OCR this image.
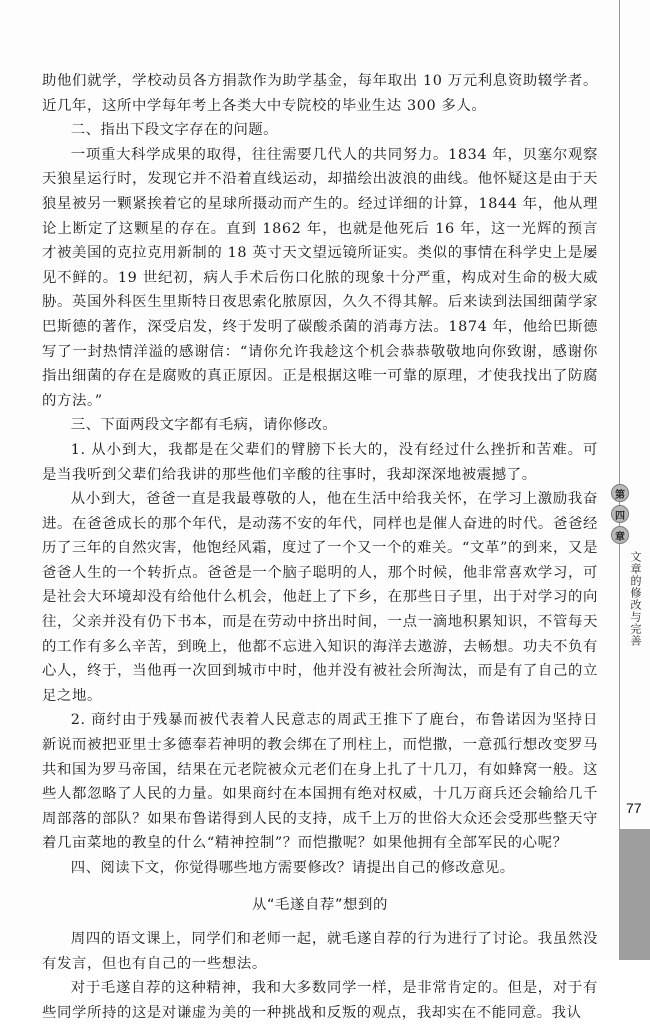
助他们就学，学校动员各方捐款作为助学基金，每年取出 10 万元利息资助辍学者。近几年，这所中学每年考上各类大中专院校的毕业生达 300 多人。

二、指出下段文字存在的问题。

一项重大科学成果的取得，往往需要几代人的共同努力。1834 年，贝塞尔观察天狼星运行时，发现它并不沿着直线运动，却描绘出波浪的曲线。他怀疑这是由于天狼星被另一颗紧挨着它的星球所摄动而产生的。经过详细的计算，1844 年，他从理论上断定了这颗星的存在。直到 1862 年，也就是他死后 16 年，这一光辉的预言才被美国的克拉克用新制的 18 英寸天文望远镜所证实。类似的事情在科学史上是屡见不鲜的。19 世纪初，病人手术后伤口化脓的现象十分严重，构成对生命的极大威胁。英国外科医生里斯特日夜思索化脓原因，久久不得其解。后来读到法国细菌学家巴斯德的著作，深受启发，终于发明了碳酸杀菌的消毒方法。1874 年，他给巴斯德写了一封热情洋溢的感谢信：“请你允许我趁这个机会恭恭敬敬地向你致谢，感谢你指出细菌的存在是腐败的真正原因。正是根据这唯一可靠的原理，才使我找出了防腐的方法。”

三、下面两段文字都有毛病，请你修改。

1. 从小到大，我都是在父辈们的臂膀下长大的，没有经过什么挫折和苦难。可是当我听到父辈们给我讲的那些他们辛酸的往事时，我却深深地被震撼了。

从小到大，爸爸一直是我最尊敬的人，他在生活中给我关怀，在学习上激励我奋进。在爸爸成长的那个年代，是动荡不安的年代，同样也是催人奋进的时代。爸爸经历了三年的自然灾害，他饱经风霜，度过了一个又一个的难关。“文革”的到来，又是爸爸人生的一个转折点。爸爸是一个脑子聪明的人，那个时候，他非常喜欢学习，可是社会大环境却没有给他什么机会，他赶上了下乡，在那些日子里，出于对学习的向往，父亲并没有仍下书本，而是在劳动中挤出时间，一点一滴地积累知识，不管每天的工作有多么辛苦，到晚上，他都不忘进入知识的海洋去遨游，去畅想。功夫不负有心人，终于，当他再一次回到城市中时，他并没有被社会所淘汰，而是有了自己的立足之地。

2. 商纣由于残暴而被代表着人民意志的周武王推下了鹿台，布鲁诺因为坚持日新说而被把亚里士多德奉若神明的教会绑在了刑柱上，而恺撒，一意孤行想改变罗马共和国为罗马帝国，结果在元老院被众元老们在身上扎了十几刀，有如蜂窝一般。这些人都忽略了人民的力量。如果商纣在本国拥有绝对权威，十几万商兵还会输给几千周部落的部队？如果布鲁诺得到人民的支持，成千上万的世俗大众还会受那些整天守着几亩菜地的教皇的什么“精神控制”？而恺撒呢？如果他拥有全部军民的心呢？

四、阅读下文，你觉得哪些地方需要修改？请提出自己的修改意见。

从“毛遂自荐”想到的

周四的语文课上，同学们和老师一起，就毛遂自荐的行为进行了讨论。我虽然没有发言，但也有自己的一些想法。

对于毛遂自荐的这种精神，我和大多数同学一样，是非常肯定的。但是，对于有些同学所持的这是对谦虚为美的一种挑战和反叛的观点，我却实在不能同意。我认

第
四
章
文章的修改与完善
77
